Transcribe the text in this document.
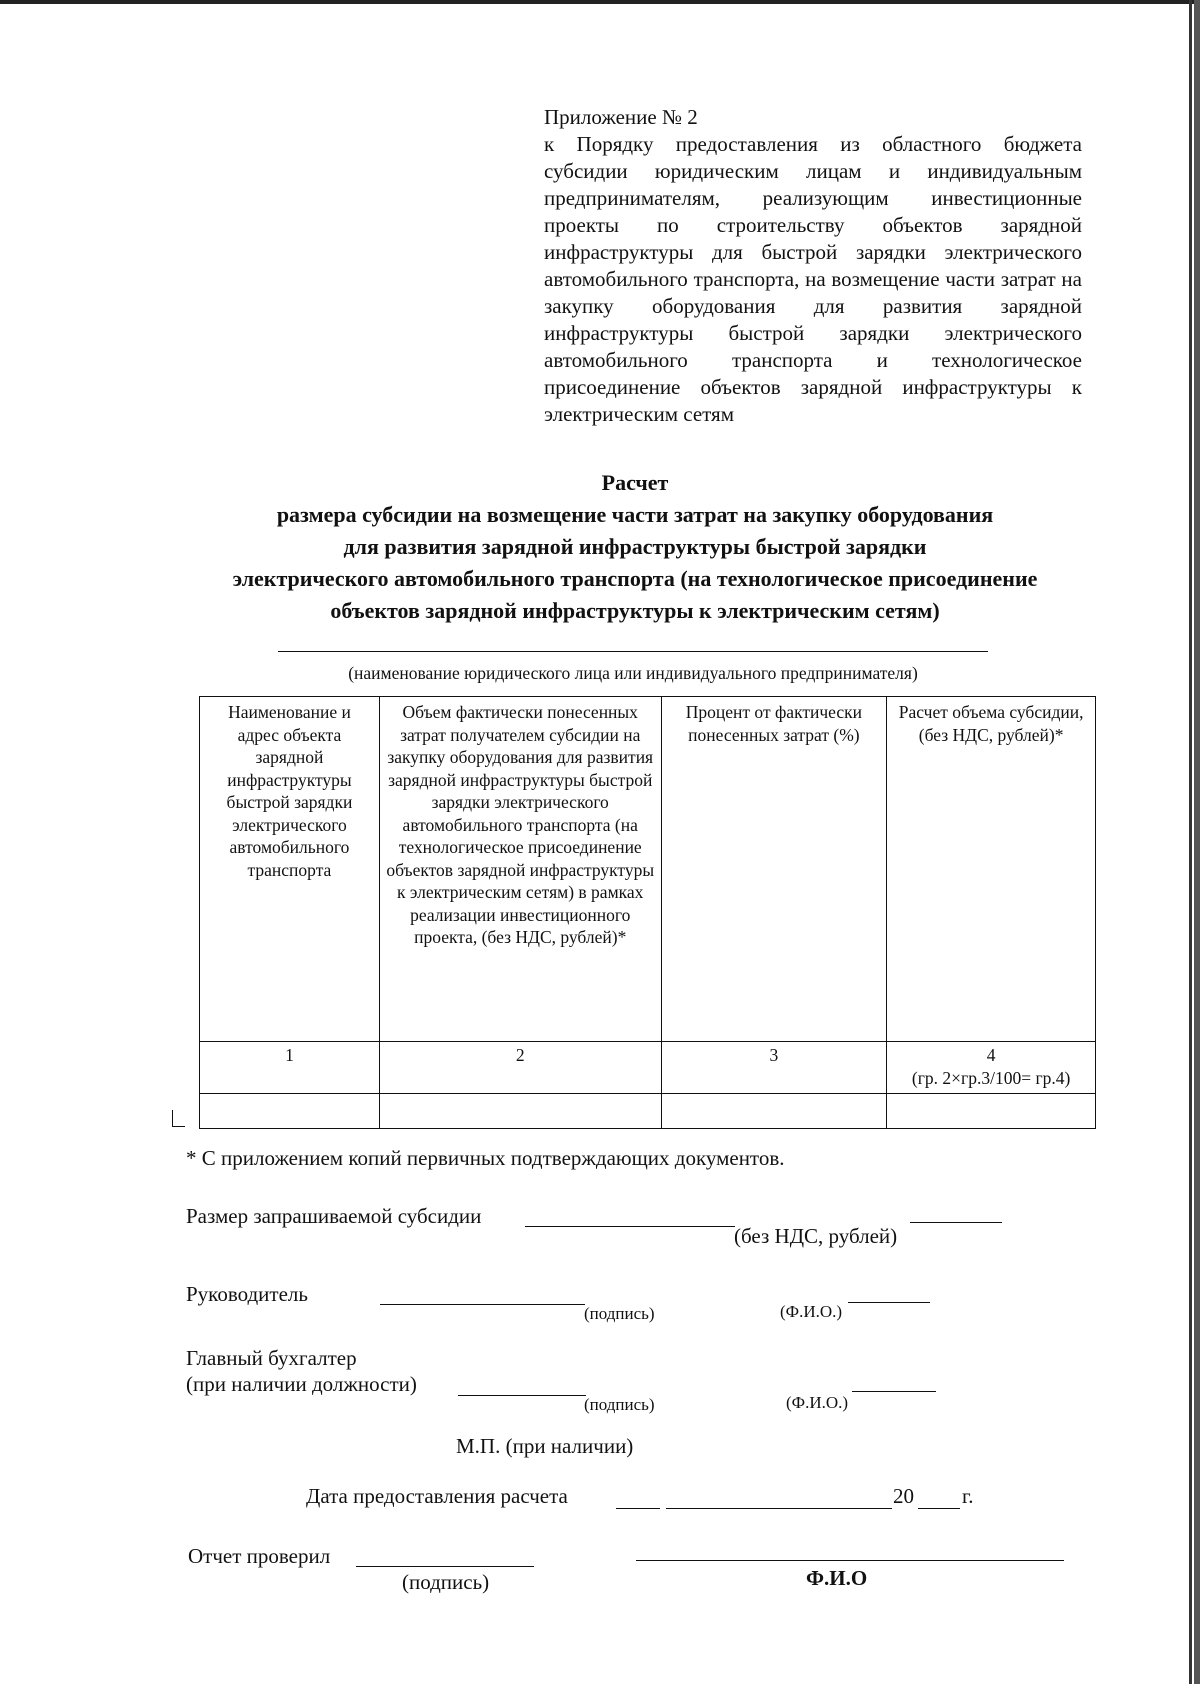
Приложение № 2
к Порядку предоставления из областного бюджета субсидии юридическим лицам и индивидуальным предпринимателям, реализующим инвестиционные проекты по строительству объектов зарядной инфраструктуры для быстрой зарядки электрического автомобильного транспорта, на возмещение части затрат на закупку оборудования для развития зарядной инфраструктуры быстрой зарядки электрического автомобильного транспорта и технологическое присоединение объектов зарядной инфраструктуры к электрическим сетям
Расчет
размера субсидии на возмещение части затрат на закупку оборудования
для развития зарядной инфраструктуры быстрой зарядки
электрического автомобильного транспорта (на технологическое присоединение
объектов зарядной инфраструктуры к электрическим сетям)
(наименование юридического лица или индивидуального предпринимателя)
Наименование и адрес объекта зарядной инфраструктуры быстрой зарядки электрического автомобильного транспорта	Объем фактически понесенных затрат получателем субсидии на закупку оборудования для развития зарядной инфраструктуры быстрой зарядки электрического автомобильного транспорта (на технологическое присоединение объектов зарядной инфраструктуры к электрическим сетям) в рамках реализации инвестиционного проекта, (без НДС, рублей)*	Процент от фактически понесенных затрат (%)	Расчет объема субсидии, (без НДС, рублей)*
1	2	3	4
(гр. 2×гр.3/100= гр.4)

* С приложением копий первичных подтверждающих документов.
Размер запрашиваемой субсидии
(без НДС, рублей)
Руководитель
(подпись)	(Ф.И.О.)
Главный бухгалтер
(при наличии должности)
(подпись)	(Ф.И.О.)
М.П. (при наличии)
Дата предоставления расчета	20 г.
Отчет проверил
(подпись)	Ф.И.О
